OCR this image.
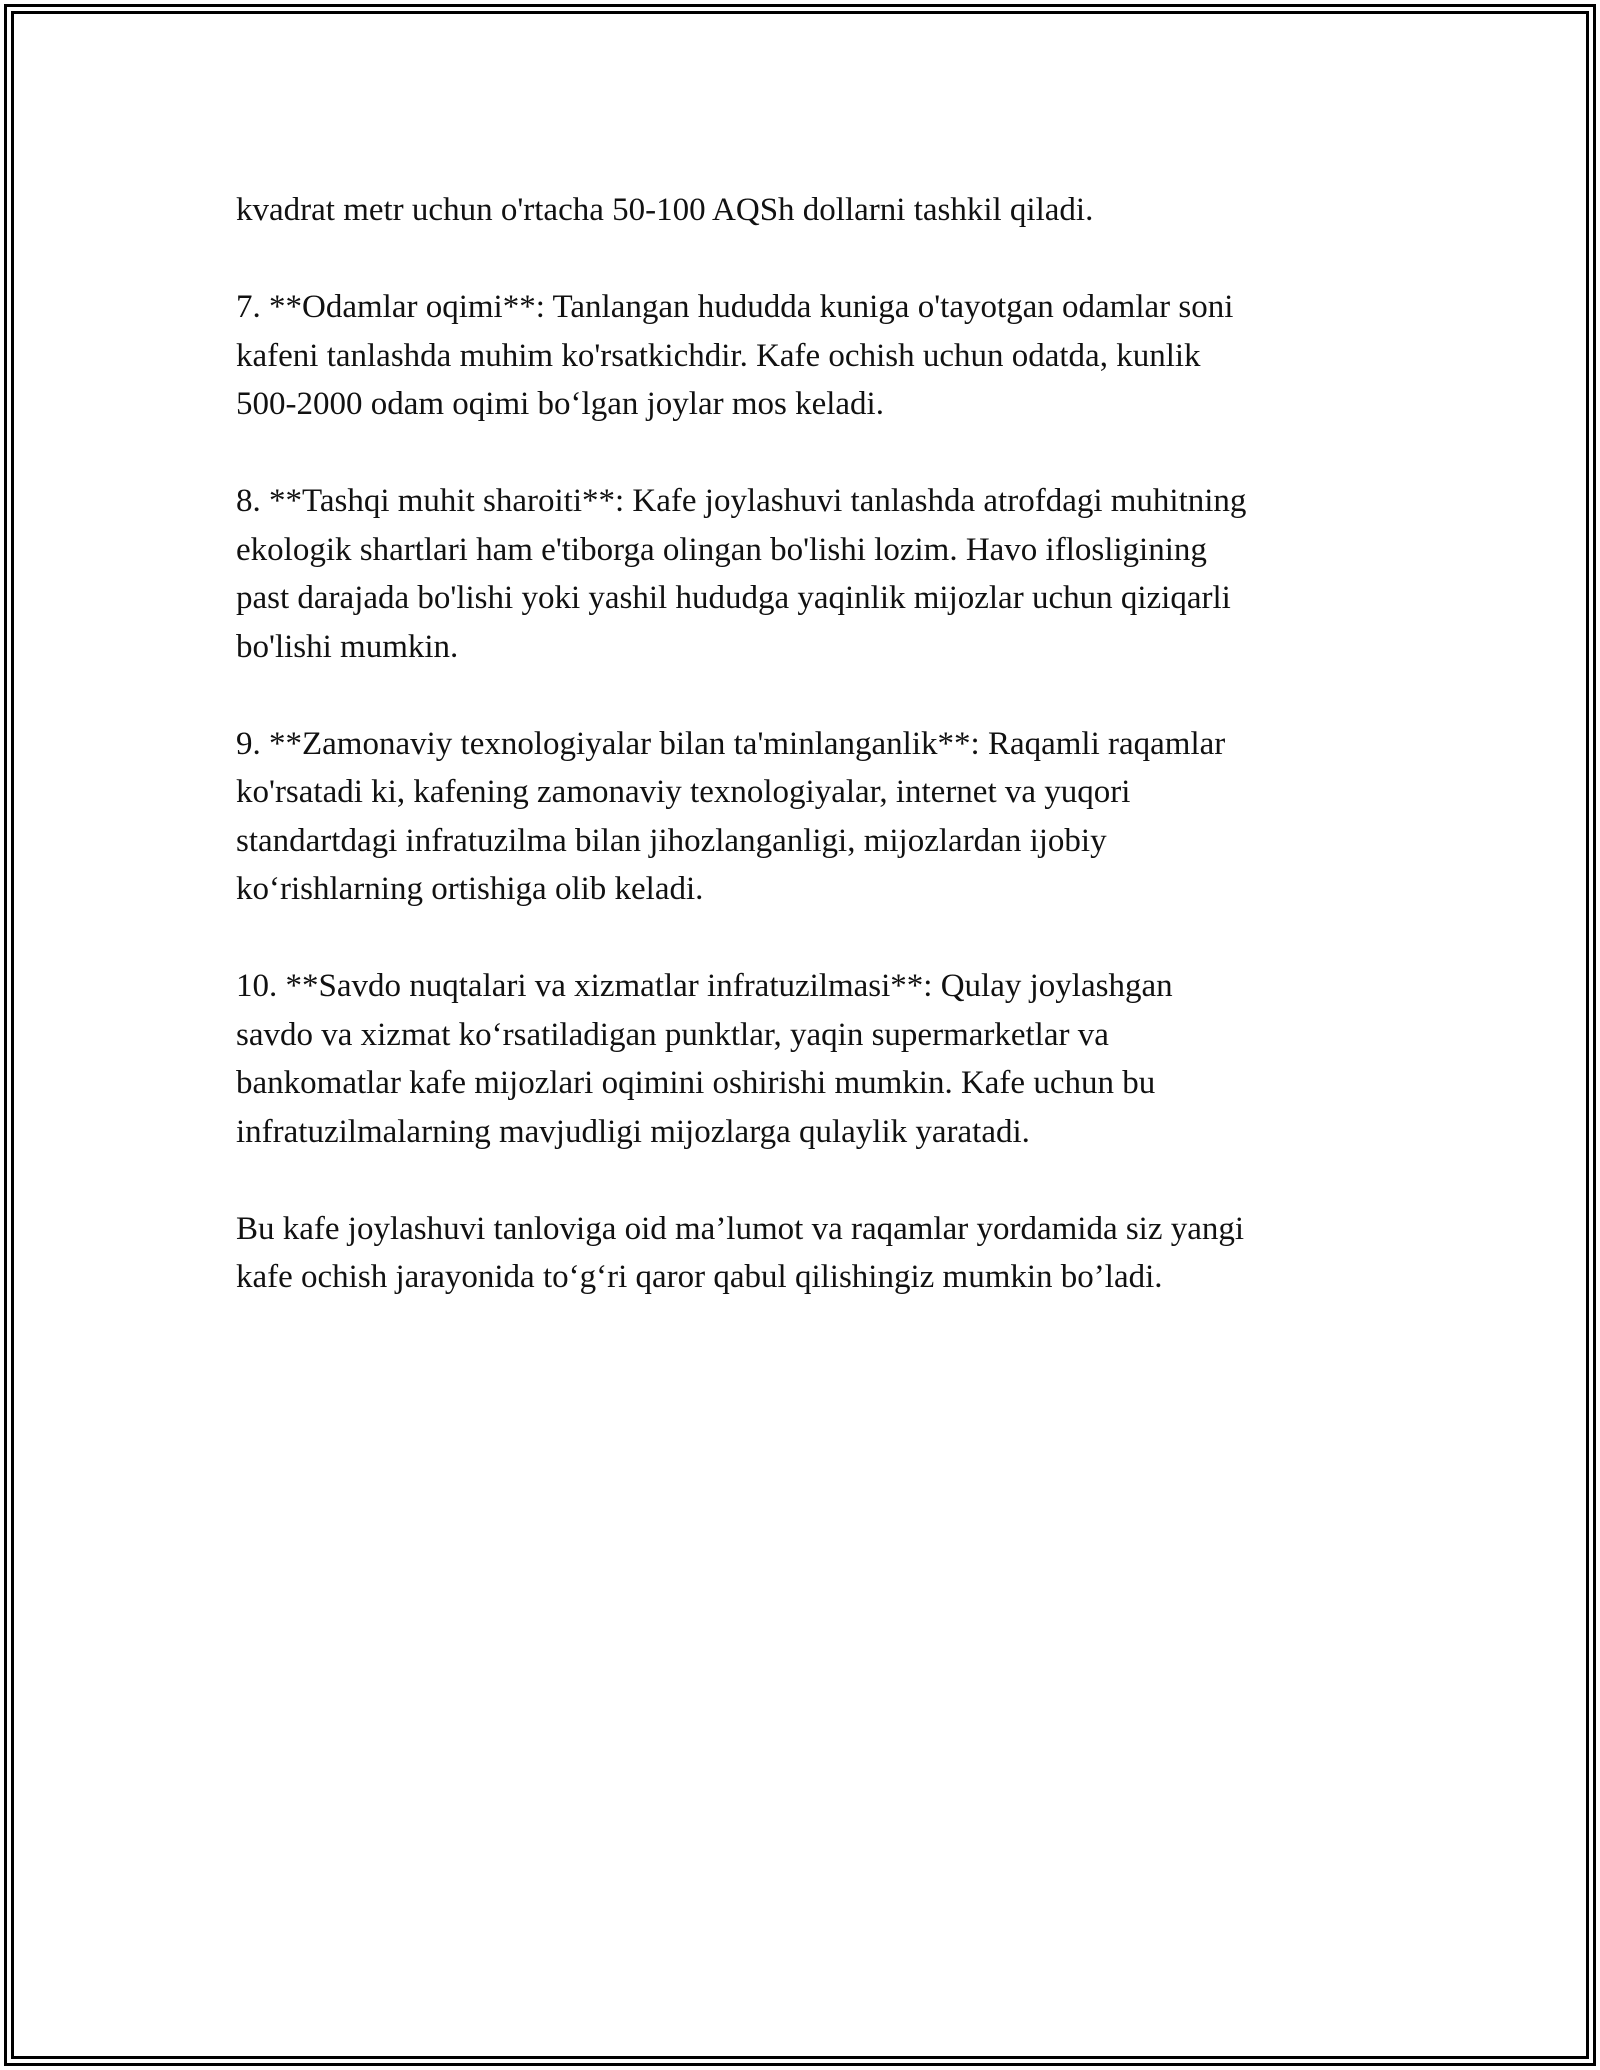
kvadrat metr uchun o'rtacha 50-100 AQSh dollarni tashkil qiladi.

7. **Odamlar oqimi**: Tanlangan hududda kuniga o'tayotgan odamlar soni
kafeni tanlashda muhim ko'rsatkichdir. Kafe ochish uchun odatda, kunlik
500-2000 odam oqimi bo‘lgan joylar mos keladi.

8. **Tashqi muhit sharoiti**: Kafe joylashuvi tanlashda atrofdagi muhitning
ekologik shartlari ham e'tiborga olingan bo'lishi lozim. Havo iflosligining
past darajada bo'lishi yoki yashil hududga yaqinlik mijozlar uchun qiziqarli
bo'lishi mumkin.

9. **Zamonaviy texnologiyalar bilan ta'minlanganlik**: Raqamli raqamlar
ko'rsatadi ki, kafening zamonaviy texnologiyalar, internet va yuqori
standartdagi infratuzilma bilan jihozlanganligi, mijozlardan ijobiy
ko‘rishlarning ortishiga olib keladi.

10. **Savdo nuqtalari va xizmatlar infratuzilmasi**: Qulay joylashgan
savdo va xizmat ko‘rsatiladigan punktlar, yaqin supermarketlar va
bankomatlar kafe mijozlari oqimini oshirishi mumkin. Kafe uchun bu
infratuzilmalarning mavjudligi mijozlarga qulaylik yaratadi.

Bu kafe joylashuvi tanloviga oid ma’lumot va raqamlar yordamida siz yangi
kafe ochish jarayonida to‘g‘ri qaror qabul qilishingiz mumkin bo’ladi.
